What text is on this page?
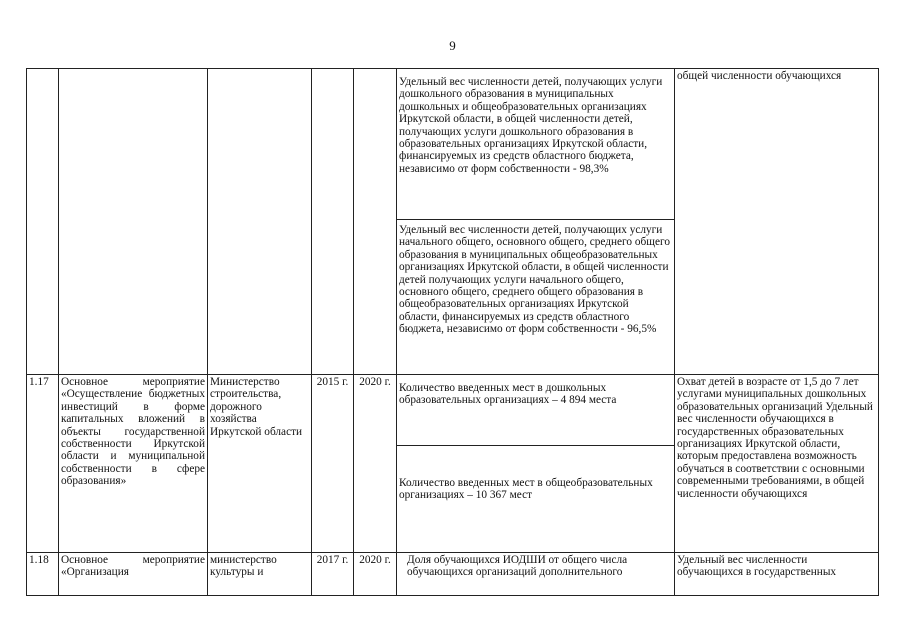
9

					Удельный вес численности детей, получающих услуги дошкольного образования в муниципальных дошкольных и общеобразовательных организациях Иркутской области, в общей численности детей, получающих услуги дошкольного образования в образовательных организациях Иркутской области, финансируемых из средств областного бюджета, независимо от форм собственности - 98,3%	общей численности обучающихся

					Удельный вес численности детей, получающих услуги начального общего, основного общего, среднего общего образования в муниципальных общеобразовательных организациях Иркутской области, в общей численности детей получающих услуги начального общего, основного общего, среднего общего образования в общеобразовательных организациях Иркутской области, финансируемых из средств областного бюджета, независимо от форм собственности - 96,5%	

1.17	Основное мероприятие «Осуществление бюджетных инвестиций в форме капитальных вложений в объекты государственной собственности Иркутской области и муниципальной собственности в сфере образования»	Министерство строительства, дорожного хозяйства Иркутской области	2015 г.	2020 г.	Количество введенных мест в дошкольных образовательных организациях – 4 894 места	Охват детей в возрасте от 1,5 до 7 лет услугами муниципальных дошкольных образовательных организаций Удельный вес численности обучающихся в государственных образовательных организациях Иркутской области, которым предоставлена возможность обучаться в соответствии с основными современными требованиями, в общей численности обучающихся

					Количество введенных мест в общеобразовательных организациях – 10 367 мест	

1.18	Основное мероприятие «Организация	министерство культуры и	2017 г.	2020 г.	Доля обучающихся ИОДШИ от общего числа обучающихся организаций дополнительного	Удельный вес численности обучающихся в государственных
